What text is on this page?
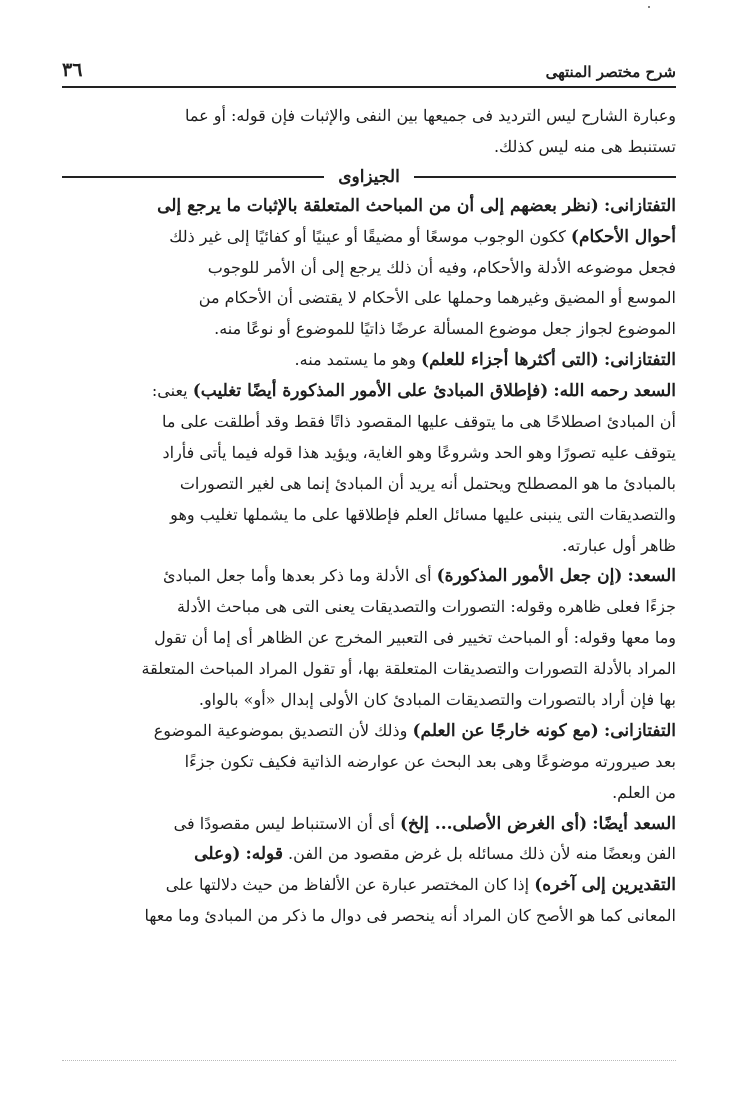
٣٦	شرح مختصر المنتهى
وعبارة الشارح ليس الترديد فى جميعها بين النفى والإثبات فإن قوله: أو عما
تستنبط هى منه ليس كذلك.
الجيزاوى
التفتازانى: (نظر بعضهم إلى أن من المباحث المتعلقة بالإثبات ما يرجع إلى
أحوال الأحكام) ككون الوجوب موسعًا أو مضيقًا أو عينيًا أو كفائيًا إلى غير ذلك
فجعل موضوعه الأدلة والأحكام، وفيه أن ذلك يرجع إلى أن الأمر للوجوب
الموسع أو المضيق وغيرهما وحملها على الأحكام لا يقتضى أن الأحكام من
الموضوع لجواز جعل موضوع المسألة عرضًا ذاتيًا للموضوع أو نوعًا منه.
التفتازانى: (التى أكثرها أجزاء للعلم) وهو ما يستمد منه.
السعد رحمه الله: (فإطلاق المبادئ على الأمور المذكورة أيضًا تغليب) يعنى:
أن المبادئ اصطلاحًا هى ما يتوقف عليها المقصود ذاتًا فقط وقد أطلقت على ما
يتوقف عليه تصورًا وهو الحد وشروعًا وهو الغاية، ويؤيد هذا قوله فيما يأتى فأراد
بالمبادئ ما هو المصطلح ويحتمل أنه يريد أن المبادئ إنما هى لغير التصورات
والتصديقات التى ينبنى عليها مسائل العلم فإطلاقها على ما يشملها تغليب وهو
ظاهر أول عبارته.
السعد: (إن جعل الأمور المذكورة) أى الأدلة وما ذكر بعدها وأما جعل المبادئ
جزءًا فعلى ظاهره وقوله: التصورات والتصديقات يعنى التى هى مباحث الأدلة
وما معها وقوله: أو المباحث تخيير فى التعبير المخرج عن الظاهر أى إما أن تقول
المراد بالأدلة التصورات والتصديقات المتعلقة بها، أو تقول المراد المباحث المتعلقة
بها فإن أراد بالتصورات والتصديقات المبادئ كان الأولى إبدال «أو» بالواو.
التفتازانى: (مع كونه خارجًا عن العلم) وذلك لأن التصديق بموضوعية الموضوع
بعد صيرورته موضوعًا وهى بعد البحث عن عوارضه الذاتية فكيف تكون جزءًا
من العلم.
السعد أيضًا: (أى الغرض الأصلى... إلخ) أى أن الاستنباط ليس مقصودًا فى
الفن وبعضًا منه لأن ذلك مسائله بل غرض مقصود من الفن. قوله: (وعلى
التقديرين إلى آخره) إذا كان المختصر عبارة عن الألفاظ من حيث دلالتها على
المعانى كما هو الأصح كان المراد أنه ينحصر فى دوال ما ذكر من المبادئ وما معها
